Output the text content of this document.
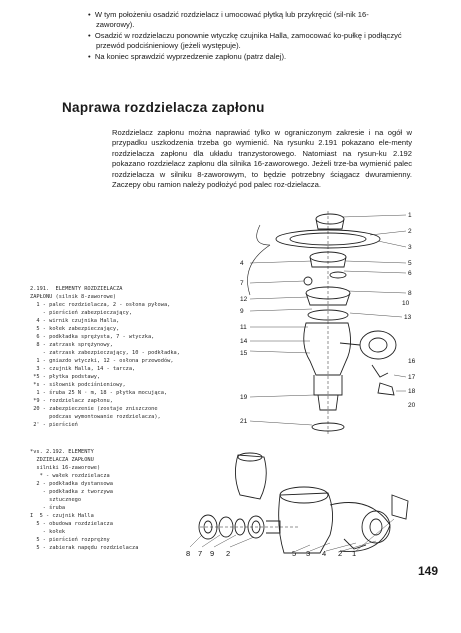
•  W tym położeniu osadzić rozdzielacz i umocować płytką lub przykręcić (sil-nik 16-zaworowy).

•  Osadzić w rozdzielaczu ponownie wtyczkę czujnika Halla, zamocować ko-pułkę i podłączyć przewód podciśnieniowy (jeżeli występuje).

•  Na koniec sprawdzić wyprzedzenie zapłonu (patrz dalej).

Naprawa rozdzielacza zapłonu

Rozdzielacz zapłonu można naprawiać tylko w ograniczonym zakresie i na ogół w przypadku uszkodzenia trzeba go wymienić. Na rysunku 2.191 pokazano ele-menty rozdzielacza zapłonu dla układu tranzystorowego. Natomiast na rysun-ku 2.192 pokazano rozdzielacz zapłonu dla silnika 16-zaworowego. Jeżeli trze-ba wymienić palec rozdzielacza w silniku 8-zaworowym, to będzie potrzebny ściągacz dwuramienny. Zaczepy obu ramion należy podłożyć pod palec roz-dzielacza.

1
2
3
4	5
6
7
8
9
10
11
12
13
14
15
16
17
18
19
20
21
2.191.  ELEMENTY ROZDZIELACZA
ZAPŁONU (silnik 8-zaworowe)
1 - palec rozdzielacza, 2 - osłona pyłowa,
- pierścień zabezpieczający,
4 - wirnik czujnika Halla,
5 - kołek zabezpieczający,
6 - podkładka sprężysta, 7 - wtyczka,
8 - zatrzask sprężynowy,
- zatrzask zabezpieczający, 10 - podkładka,
1 - gniazdo wtyczki, 12 - osłona przewodów,
3 - czujnik Halla, 14 - tarcza,
*5 - płytka podstawy,
*s - siłownik podciśnieniowy,
1 - śruba 25 N · m, 18 - płytka mocująca,
*9 - rozdzielacz zapłonu,
20 - zabezpieczenie (zostaje zniszczone
podczas wymontowanie rozdzielacza),
2' - pierścień
*vs. 2.192. ELEMENTY
ZDZIELACZA ZAPŁONU
silniki 16-zaworowe)
* - wałek rozdzielacza
2 - podkładka dystansowa
- podkładka z tworzywa
sztucznego
- śruba
I  5 - czujnik Halla
5 - obudowa rozdzielacza
- kołek
5 - pierścień rozprężny
5 - zabierak napędu rozdzielacza
8 7 9 2	5 3 4 2 1
149
